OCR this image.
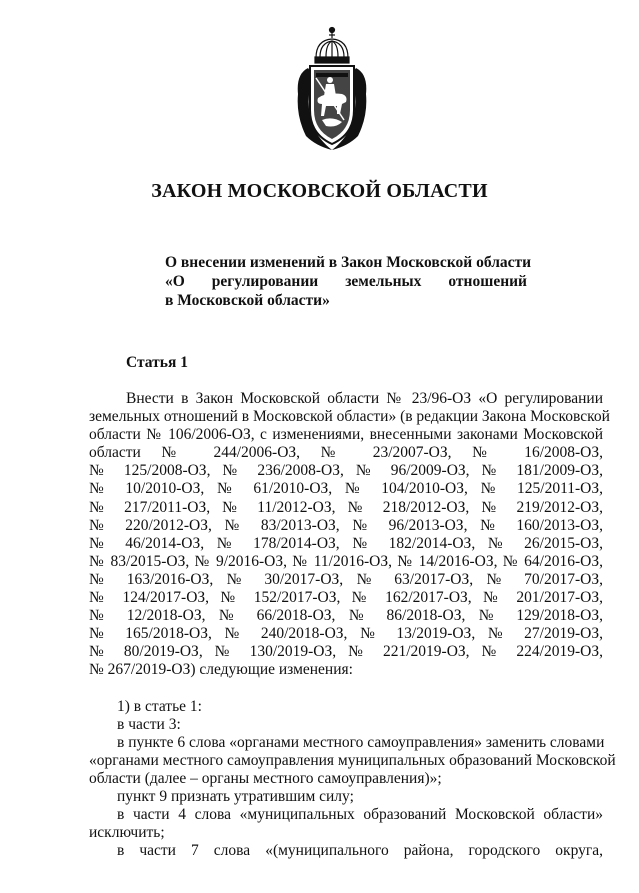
ЗАКОН МОСКОВСКОЙ ОБЛАСТИ
О внесении изменений в Закон Московской области
«О регулировании земельных отношений
в Московской области»
Статья 1
Внести в Закон Московской области № 23/96-ОЗ «О регулировании
земельных отношений в Московской области» (в редакции Закона Московской
области № 106/2006-ОЗ, с изменениями, внесенными законами Московской
области № 244/2006-ОЗ, № 23/2007-ОЗ, № 16/2008-ОЗ,
№ 125/2008-ОЗ, № 236/2008-ОЗ, № 96/2009-ОЗ, № 181/2009-ОЗ,
№ 10/2010-ОЗ, № 61/2010-ОЗ, № 104/2010-ОЗ, № 125/2011-ОЗ,
№ 217/2011-ОЗ, № 11/2012-ОЗ, № 218/2012-ОЗ, № 219/2012-ОЗ,
№ 220/2012-ОЗ, № 83/2013-ОЗ, № 96/2013-ОЗ, № 160/2013-ОЗ,
№ 46/2014-ОЗ, № 178/2014-ОЗ, № 182/2014-ОЗ, № 26/2015-ОЗ,
№ 83/2015-ОЗ, № 9/2016-ОЗ, № 11/2016-ОЗ, № 14/2016-ОЗ, № 64/2016-ОЗ,
№ 163/2016-ОЗ, № 30/2017-ОЗ, № 63/2017-ОЗ, № 70/2017-ОЗ,
№ 124/2017-ОЗ, № 152/2017-ОЗ, № 162/2017-ОЗ, № 201/2017-ОЗ,
№ 12/2018-ОЗ, № 66/2018-ОЗ, № 86/2018-ОЗ, № 129/2018-ОЗ,
№ 165/2018-ОЗ, № 240/2018-ОЗ, № 13/2019-ОЗ, № 27/2019-ОЗ,
№ 80/2019-ОЗ, № 130/2019-ОЗ, № 221/2019-ОЗ, № 224/2019-ОЗ,
№ 267/2019-ОЗ) следующие изменения:
1) в статье 1:
в части 3:
в пункте 6 слова «органами местного самоуправления» заменить словами
«органами местного самоуправления муниципальных образований Московской
области (далее – органы местного самоуправления)»;
пункт 9 признать утратившим силу;
в части 4 слова «муниципальных образований Московской области»
исключить;
в части 7 слова «(муниципального района, городского округа,
